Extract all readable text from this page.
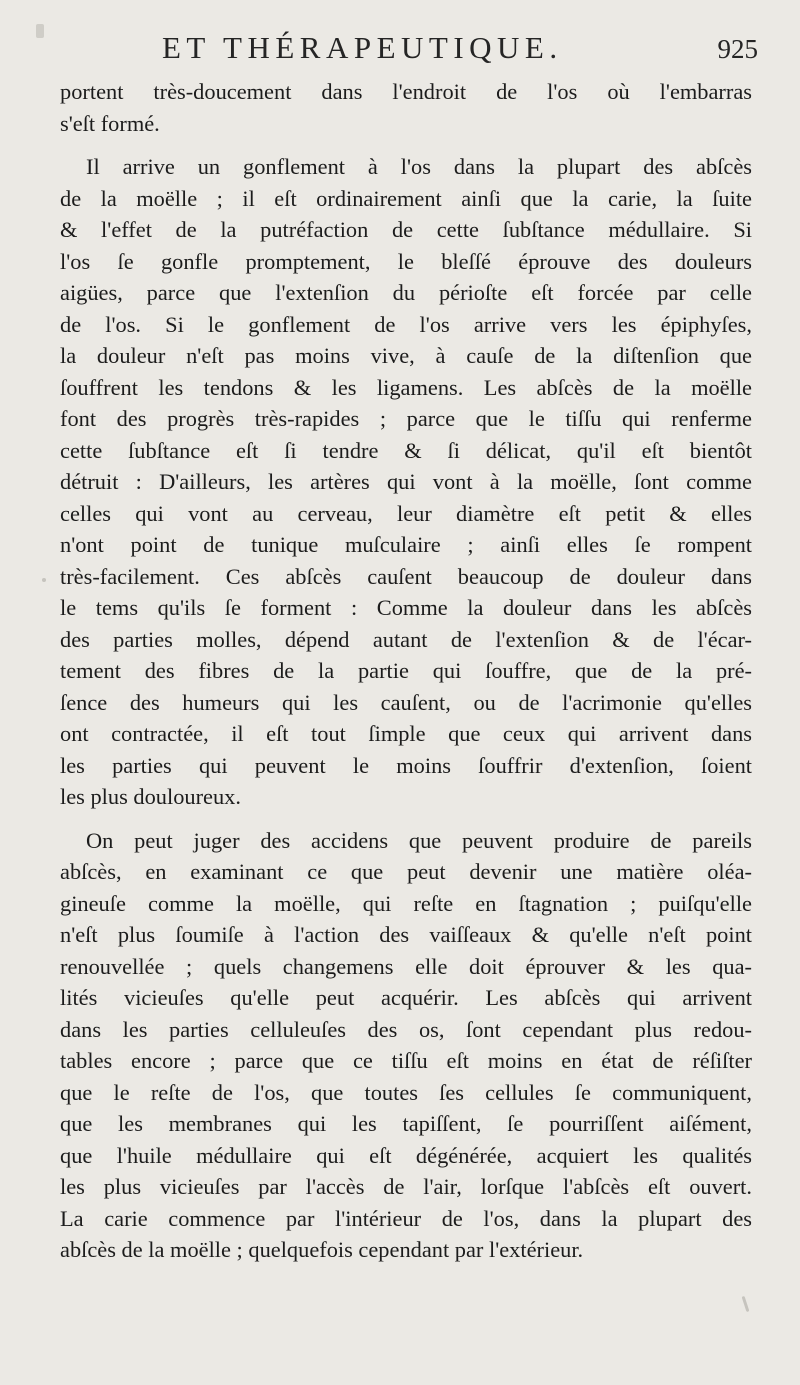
ET THÉRAPEUTIQUE.	925
portent très-doucement dans l'endroit de l'os où l'embarras
s'eſt formé.
Il arrive un gonflement à l'os dans la plupart des abſcès
de la moëlle ; il eſt ordinairement ainſi que la carie, la ſuite
& l'effet de la putréfaction de cette ſubſtance médullaire. Si
l'os ſe gonfle promptement, le bleſſé éprouve des douleurs
aigües, parce que l'extenſion du périoſte eſt forcée par celle
de l'os. Si le gonflement de l'os arrive vers les épiphyſes,
la douleur n'eſt pas moins vive, à cauſe de la diſtenſion que
ſouffrent les tendons & les ligamens. Les abſcès de la moëlle
font des progrès très-rapides ; parce que le tiſſu qui renferme
cette ſubſtance eſt ſi tendre & ſi délicat, qu'il eſt bientôt
détruit : D'ailleurs, les artères qui vont à la moëlle, ſont comme
celles qui vont au cerveau, leur diamètre eſt petit & elles
n'ont point de tunique muſculaire ; ainſi elles ſe rompent
très-facilement. Ces abſcès cauſent beaucoup de douleur dans
le tems qu'ils ſe forment : Comme la douleur dans les abſcès
des parties molles, dépend autant de l'extenſion & de l'écar-
tement des fibres de la partie qui ſouffre, que de la pré-
ſence des humeurs qui les cauſent, ou de l'acrimonie qu'elles
ont contractée, il eſt tout ſimple que ceux qui arrivent dans
les parties qui peuvent le moins ſouffrir d'extenſion, ſoient
les plus douloureux.
On peut juger des accidens que peuvent produire de pareils
abſcès, en examinant ce que peut devenir une matière oléa-
gineuſe comme la moëlle, qui reſte en ſtagnation ; puiſqu'elle
n'eſt plus ſoumiſe à l'action des vaiſſeaux & qu'elle n'eſt point
renouvellée ; quels changemens elle doit éprouver & les qua-
lités vicieuſes qu'elle peut acquérir. Les abſcès qui arrivent
dans les parties celluleuſes des os, ſont cependant plus redou-
tables encore ; parce que ce tiſſu eſt moins en état de réſiſter
que le reſte de l'os, que toutes ſes cellules ſe communiquent,
que les membranes qui les tapiſſent, ſe pourriſſent aiſément,
que l'huile médullaire qui eſt dégénérée, acquiert les qualités
les plus vicieuſes par l'accès de l'air, lorſque l'abſcès eſt ouvert.
La carie commence par l'intérieur de l'os, dans la plupart des
abſcès de la moëlle ; quelquefois cependant par l'extérieur.
